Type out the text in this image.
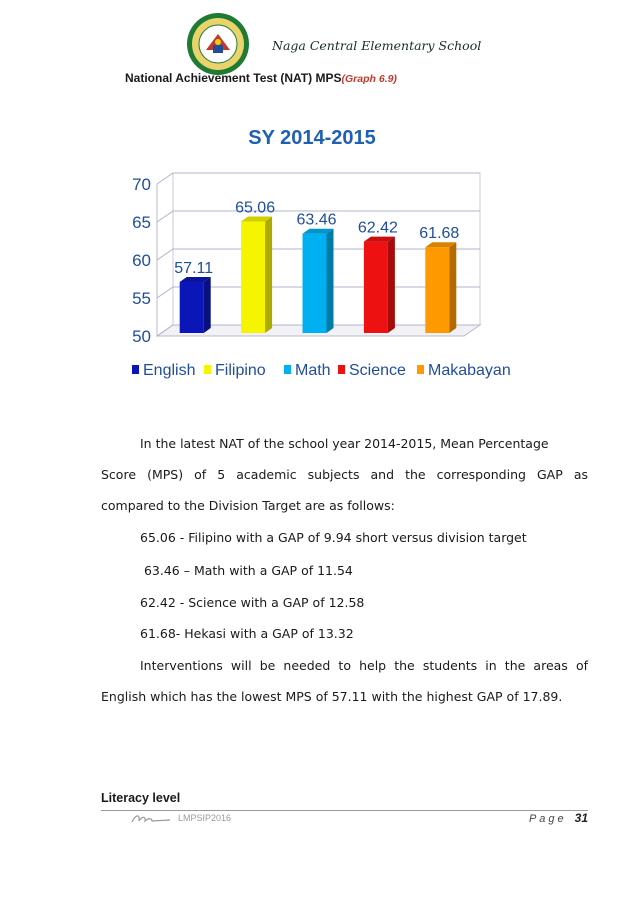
Naga Central Elementary School
National Achievement Test (NAT) MPS(Graph 6.9)
SY 2014-2015
50
55
60
65
70
57.11
65.06
63.46 62.42 61.68
English Filipino Math Science Makabayan
In the latest NAT of the school year 2014-2015, Mean Percentage
Score (MPS) of 5 academic subjects and the corresponding GAP as
compared to the Division Target are as follows:
65.06 - Filipino with a GAP of 9.94 short versus division target
63.46 – Math with a GAP of 11.54
62.42 - Science with a GAP of 12.58
61.68- Hekasi with a GAP of 13.32
Interventions will be needed to help the students in the areas of
English which has the lowest MPS of 57.11 with the highest GAP of 17.89.
Literacy level
LMPSIP2016	Page 31
